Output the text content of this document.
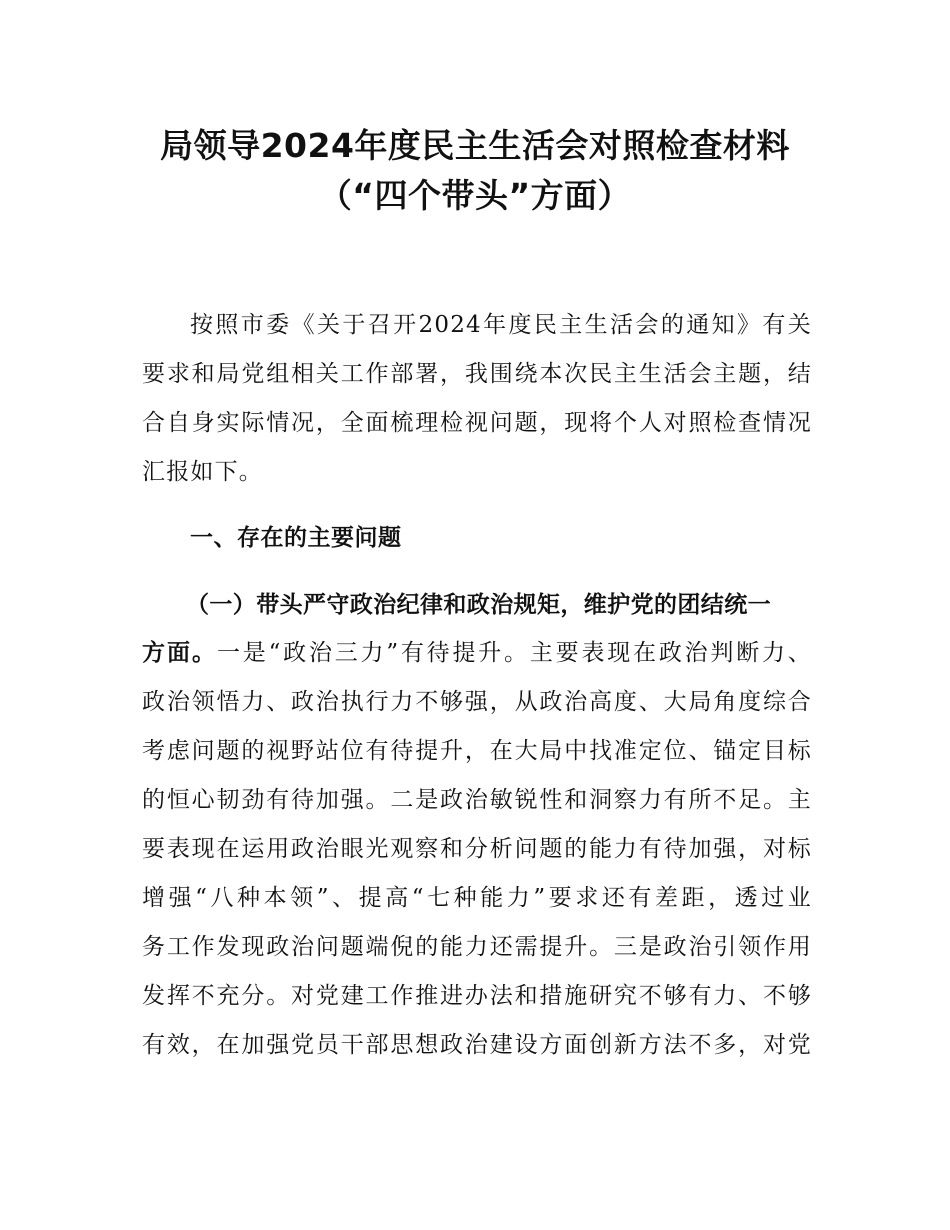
局领导2024年度民主生活会对照检查材料
（“四个带头”方面）
按照市委《关于召开2024年度民主生活会的通知》有关
要求和局党组相关工作部署，我围绕本次民主生活会主题，结
合自身实际情况，全面梳理检视问题，现将个人对照检查情况
汇报如下。
一、存在的主要问题
（一）带头严守政治纪律和政治规矩，维护党的团结统一
方面。一是“政治三力”有待提升。主要表现在政治判断力、
政治领悟力、政治执行力不够强，从政治高度、大局角度综合
考虑问题的视野站位有待提升，在大局中找准定位、锚定目标
的恒心韧劲有待加强。二是政治敏锐性和洞察力有所不足。主
要表现在运用政治眼光观察和分析问题的能力有待加强，对标
增强“八种本领”、提高“七种能力”要求还有差距，透过业
务工作发现政治问题端倪的能力还需提升。三是政治引领作用
发挥不充分。对党建工作推进办法和措施研究不够有力、不够
有效，在加强党员干部思想政治建设方面创新方法不多，对党
